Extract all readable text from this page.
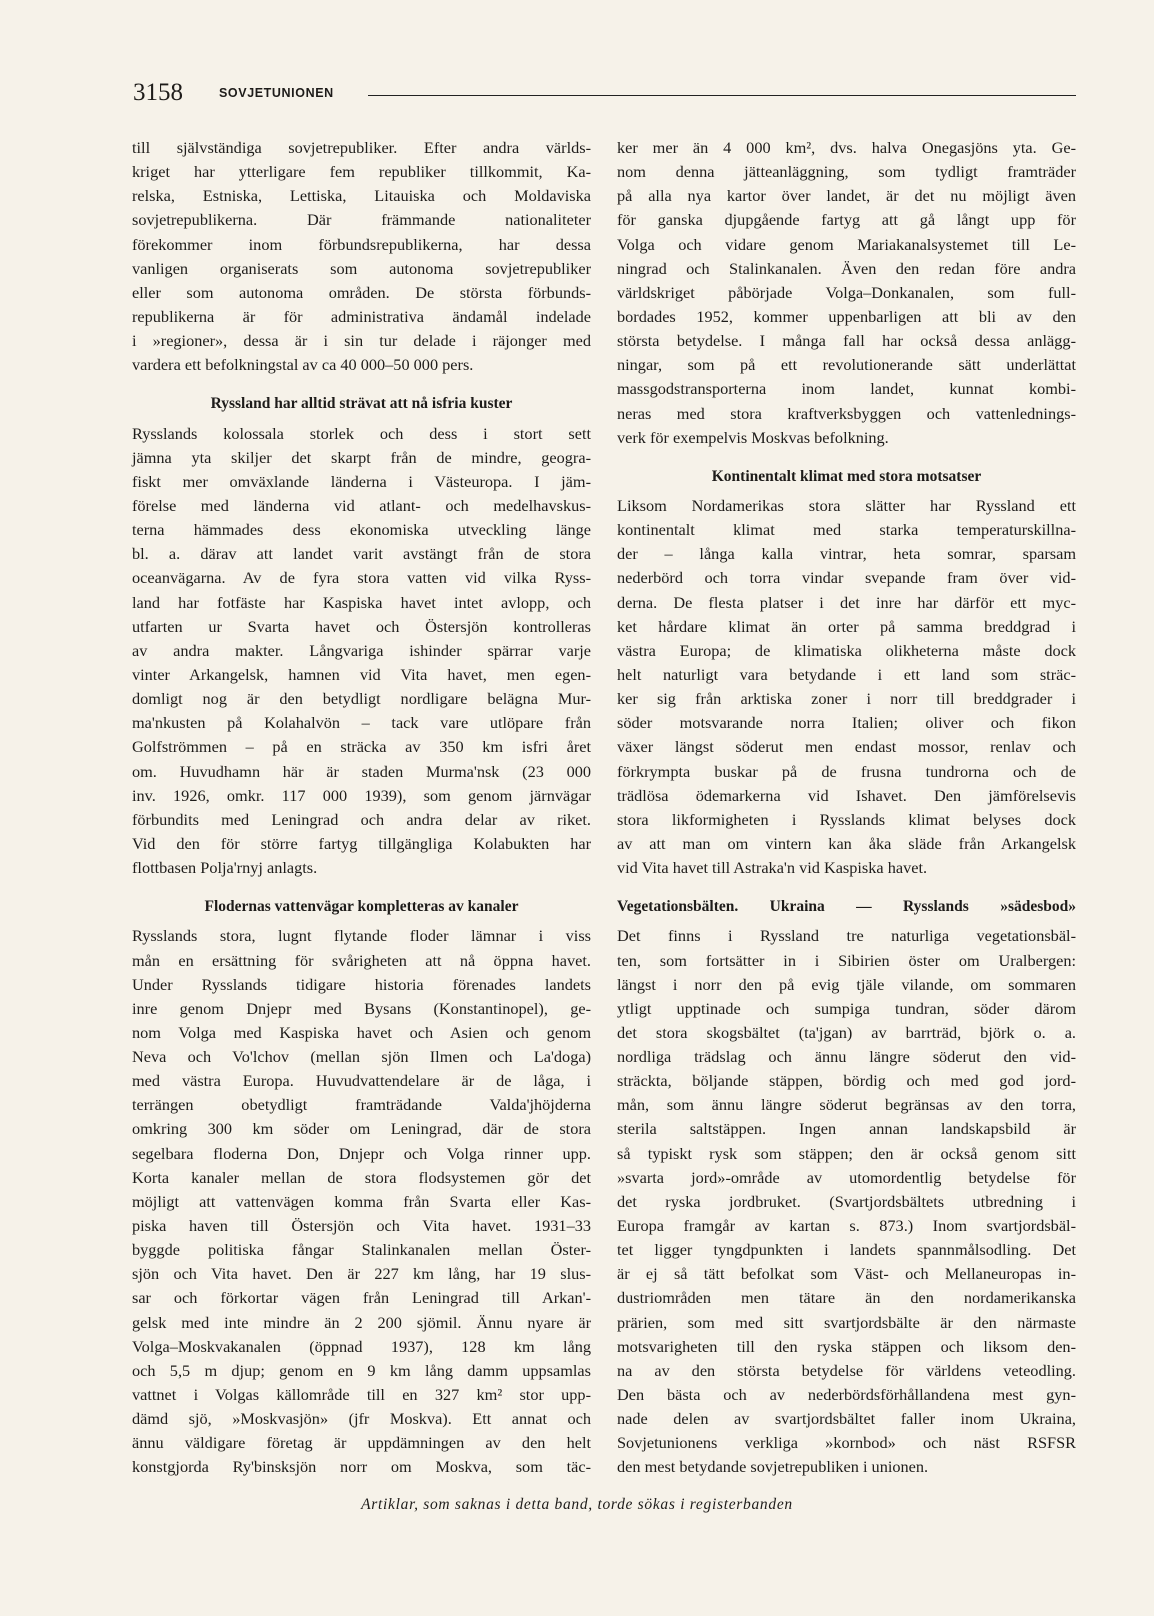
3158	SOVJETUNIONEN
till självständiga sovjetrepubliker. Efter andra världs-
kriget har ytterligare fem republiker tillkommit, Ka-
relska, Estniska, Lettiska, Litauiska och Moldaviska
sovjetrepublikerna. Där främmande nationaliteter
förekommer inom förbundsrepublikerna, har dessa
vanligen organiserats som autonoma sovjetrepubliker
eller som autonoma områden. De största förbunds-
republikerna är för administrativa ändamål indelade
i »regioner», dessa är i sin tur delade i räjonger med
vardera ett befolkningstal av ca 40 000–50 000 pers.
Ryssland har alltid strävat att nå isfria kuster
Rysslands kolossala storlek och dess i stort sett
jämna yta skiljer det skarpt från de mindre, geogra-
fiskt mer omväxlande länderna i Västeuropa. I jäm-
förelse med länderna vid atlant- och medelhavskus-
terna hämmades dess ekonomiska utveckling länge
bl. a. därav att landet varit avstängt från de stora
oceanvägarna. Av de fyra stora vatten vid vilka Ryss-
land har fotfäste har Kaspiska havet intet avlopp, och
utfarten ur Svarta havet och Östersjön kontrolleras
av andra makter. Långvariga ishinder spärrar varje
vinter Arkangelsk, hamnen vid Vita havet, men egen-
domligt nog är den betydligt nordligare belägna Mur-
ma'nkusten på Kolahalvön – tack vare utlöpare från
Golfströmmen – på en sträcka av 350 km isfri året
om. Huvudhamn här är staden Murma'nsk (23 000
inv. 1926, omkr. 117 000 1939), som genom järnvägar
förbundits med Leningrad och andra delar av riket.
Vid den för större fartyg tillgängliga Kolabukten har
flottbasen Polja'rnyj anlagts.
Flodernas vattenvägar kompletteras av kanaler
Rysslands stora, lugnt flytande floder lämnar i viss
mån en ersättning för svårigheten att nå öppna havet.
Under Rysslands tidigare historia förenades landets
inre genom Dnjepr med Bysans (Konstantinopel), ge-
nom Volga med Kaspiska havet och Asien och genom
Neva och Vo'lchov (mellan sjön Ilmen och La'doga)
med västra Europa. Huvudvattendelare är de låga, i
terrängen obetydligt framträdande Valda'jhöjderna
omkring 300 km söder om Leningrad, där de stora
segelbara floderna Don, Dnjepr och Volga rinner upp.
Korta kanaler mellan de stora flodsystemen gör det
möjligt att vattenvägen komma från Svarta eller Kas-
piska haven till Östersjön och Vita havet. 1931–33
byggde politiska fångar Stalinkanalen mellan Öster-
sjön och Vita havet. Den är 227 km lång, har 19 slus-
sar och förkortar vägen från Leningrad till Arkan'-
gelsk med inte mindre än 2 200 sjömil. Ännu nyare är
Volga–Moskvakanalen (öppnad 1937), 128 km lång
och 5,5 m djup; genom en 9 km lång damm uppsamlas
vattnet i Volgas källområde till en 327 km² stor upp-
dämd sjö, »Moskvasjön» (jfr Moskva). Ett annat och
ännu väldigare företag är uppdämningen av den helt
konstgjorda Ry'binsksjön norr om Moskva, som täc-
ker mer än 4 000 km², dvs. halva Onegasjöns yta. Ge-
nom denna jätteanläggning, som tydligt framträder
på alla nya kartor över landet, är det nu möjligt även
för ganska djupgående fartyg att gå långt upp för
Volga och vidare genom Mariakanalsystemet till Le-
ningrad och Stalinkanalen. Även den redan före andra
världskriget påbörjade Volga–Donkanalen, som full-
bordades 1952, kommer uppenbarligen att bli av den
största betydelse. I många fall har också dessa anlägg-
ningar, som på ett revolutionerande sätt underlättat
massgodstransporterna inom landet, kunnat kombi-
neras med stora kraftverksbyggen och vattenlednings-
verk för exempelvis Moskvas befolkning.
Kontinentalt klimat med stora motsatser
Liksom Nordamerikas stora slätter har Ryssland ett
kontinentalt klimat med starka temperaturskillna-
der – långa kalla vintrar, heta somrar, sparsam
nederbörd och torra vindar svepande fram över vid-
derna. De flesta platser i det inre har därför ett myc-
ket hårdare klimat än orter på samma breddgrad i
västra Europa; de klimatiska olikheterna måste dock
helt naturligt vara betydande i ett land som sträc-
ker sig från arktiska zoner i norr till breddgrader i
söder motsvarande norra Italien; oliver och fikon
växer längst söderut men endast mossor, renlav och
förkrympta buskar på de frusna tundrorna och de
trädlösa ödemarkerna vid Ishavet. Den jämförelsevis
stora likformigheten i Rysslands klimat belyses dock
av att man om vintern kan åka släde från Arkangelsk
vid Vita havet till Astraka'n vid Kaspiska havet.
Vegetationsbälten. Ukraina — Rysslands »sädesbod»
Det finns i Ryssland tre naturliga vegetationsbäl-
ten, som fortsätter in i Sibirien öster om Uralbergen:
längst i norr den på evig tjäle vilande, om sommaren
ytligt upptinade och sumpiga tundran, söder därom
det stora skogsbältet (ta'jgan) av barrträd, björk o. a.
nordliga trädslag och ännu längre söderut den vid-
sträckta, böljande stäppen, bördig och med god jord-
mån, som ännu längre söderut begränsas av den torra,
sterila saltstäppen. Ingen annan landskapsbild är
så typiskt rysk som stäppen; den är också genom sitt
»svarta jord»-område av utomordentlig betydelse för
det ryska jordbruket. (Svartjordsbältets utbredning i
Europa framgår av kartan s. 873.) Inom svartjordsbäl-
tet ligger tyngdpunkten i landets spannmålsodling. Det
är ej så tätt befolkat som Väst- och Mellaneuropas in-
dustriområden men tätare än den nordamerikanska
prärien, som med sitt svartjordsbälte är den närmaste
motsvarigheten till den ryska stäppen och liksom den-
na av den största betydelse för världens veteodling.
Den bästa och av nederbördsförhållandena mest gyn-
nade delen av svartjordsbältet faller inom Ukraina,
Sovjetunionens verkliga »kornbod» och näst RSFSR
den mest betydande sovjetrepubliken i unionen.
Artiklar, som saknas i detta band, torde sökas i registerbanden
